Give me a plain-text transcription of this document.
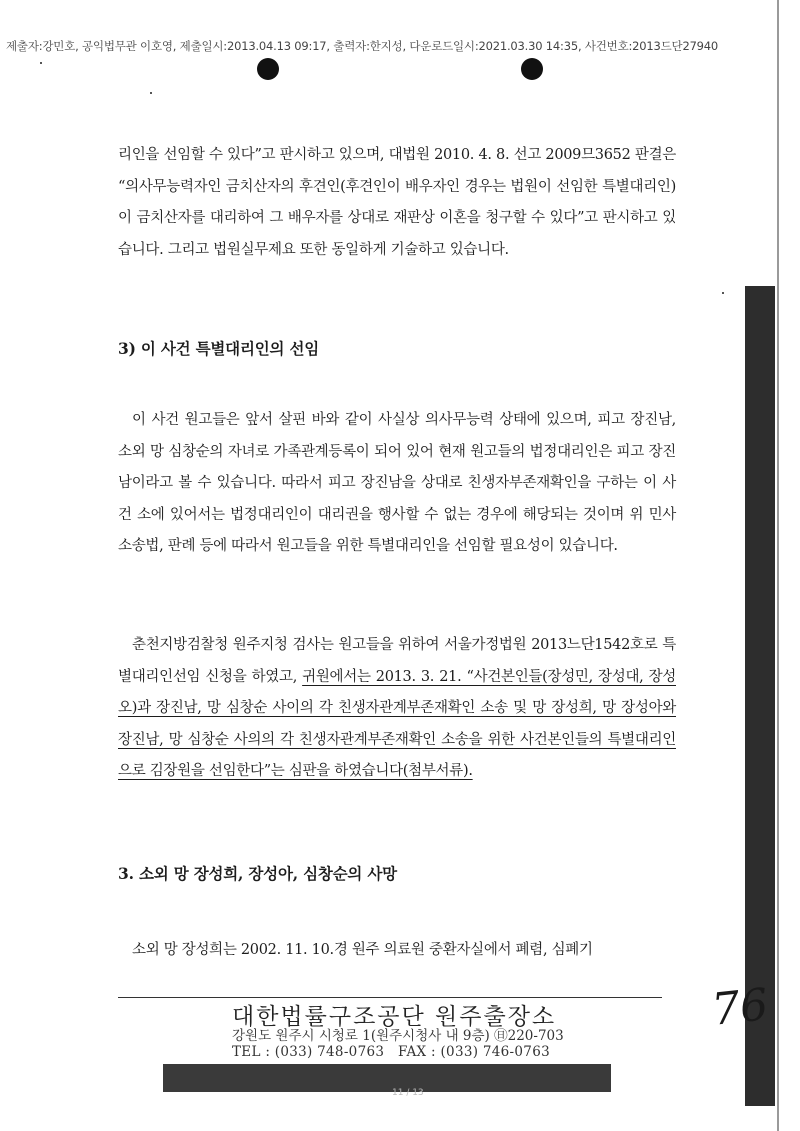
제출자:강민호, 공익법무관 이호영, 제출일시:2013.04.13 09:17, 출력자:한지성, 다운로드일시:2021.03.30 14:35, 사건번호:2013드단27940

리인을 선임할 수 있다”고 판시하고 있으며, 대법원 2010. 4. 8. 선고 2009므3652 판결은 “의사무능력자인 금치산자의 후견인(후견인이 배우자인 경우는 법원이 선임한 특별대리인)이 금치산자를 대리하여 그 배우자를 상대로 재판상 이혼을 청구할 수 있다”고 판시하고 있습니다. 그리고 법원실무제요 또한 동일하게 기술하고 있습니다.

3) 이 사건 특별대리인의 선임

이 사건 원고들은 앞서 살핀 바와 같이 사실상 의사무능력 상태에 있으며, 피고 장진남, 소외 망 심창순의 자녀로 가족관계등록이 되어 있어 현재 원고들의 법정대리인은 피고 장진남이라고 볼 수 있습니다. 따라서 피고 장진남을 상대로 친생자부존재확인을 구하는 이 사건 소에 있어서는 법정대리인이 대리권을 행사할 수 없는 경우에 해당되는 것이며 위 민사소송법, 판례 등에 따라서 원고들을 위한 특별대리인을 선임할 필요성이 있습니다.

춘천지방검찰청 원주지청 검사는 원고들을 위하여 서울가정법원 2013느단1542호로 특별대리인선임 신청을 하였고, 귀원에서는 2013. 3. 21. “사건본인들(장성민, 장성대, 장성오)과 장진남, 망 심창순 사이의 각 친생자관계부존재확인 소송 및 망 장성희, 망 장성아와 장진남, 망 심창순 사의의 각 친생자관계부존재확인 소송을 위한 사건본인들의 특별대리인으로 김장원을 선임한다”는 심판을 하였습니다(첨부서류).

3. 소외 망 장성희, 장성아, 심창순의 사망

소외 망 장성희는 2002. 11. 10.경 원주 의료원 중환자실에서 폐렴, 심폐기

대한법률구조공단 원주출장소

강원도 원주시 시청로 1(원주시청사 내 9층) ㊐220-703

TEL : (033) 748-0763   FAX : (033) 746-0763

11 / 13

76
